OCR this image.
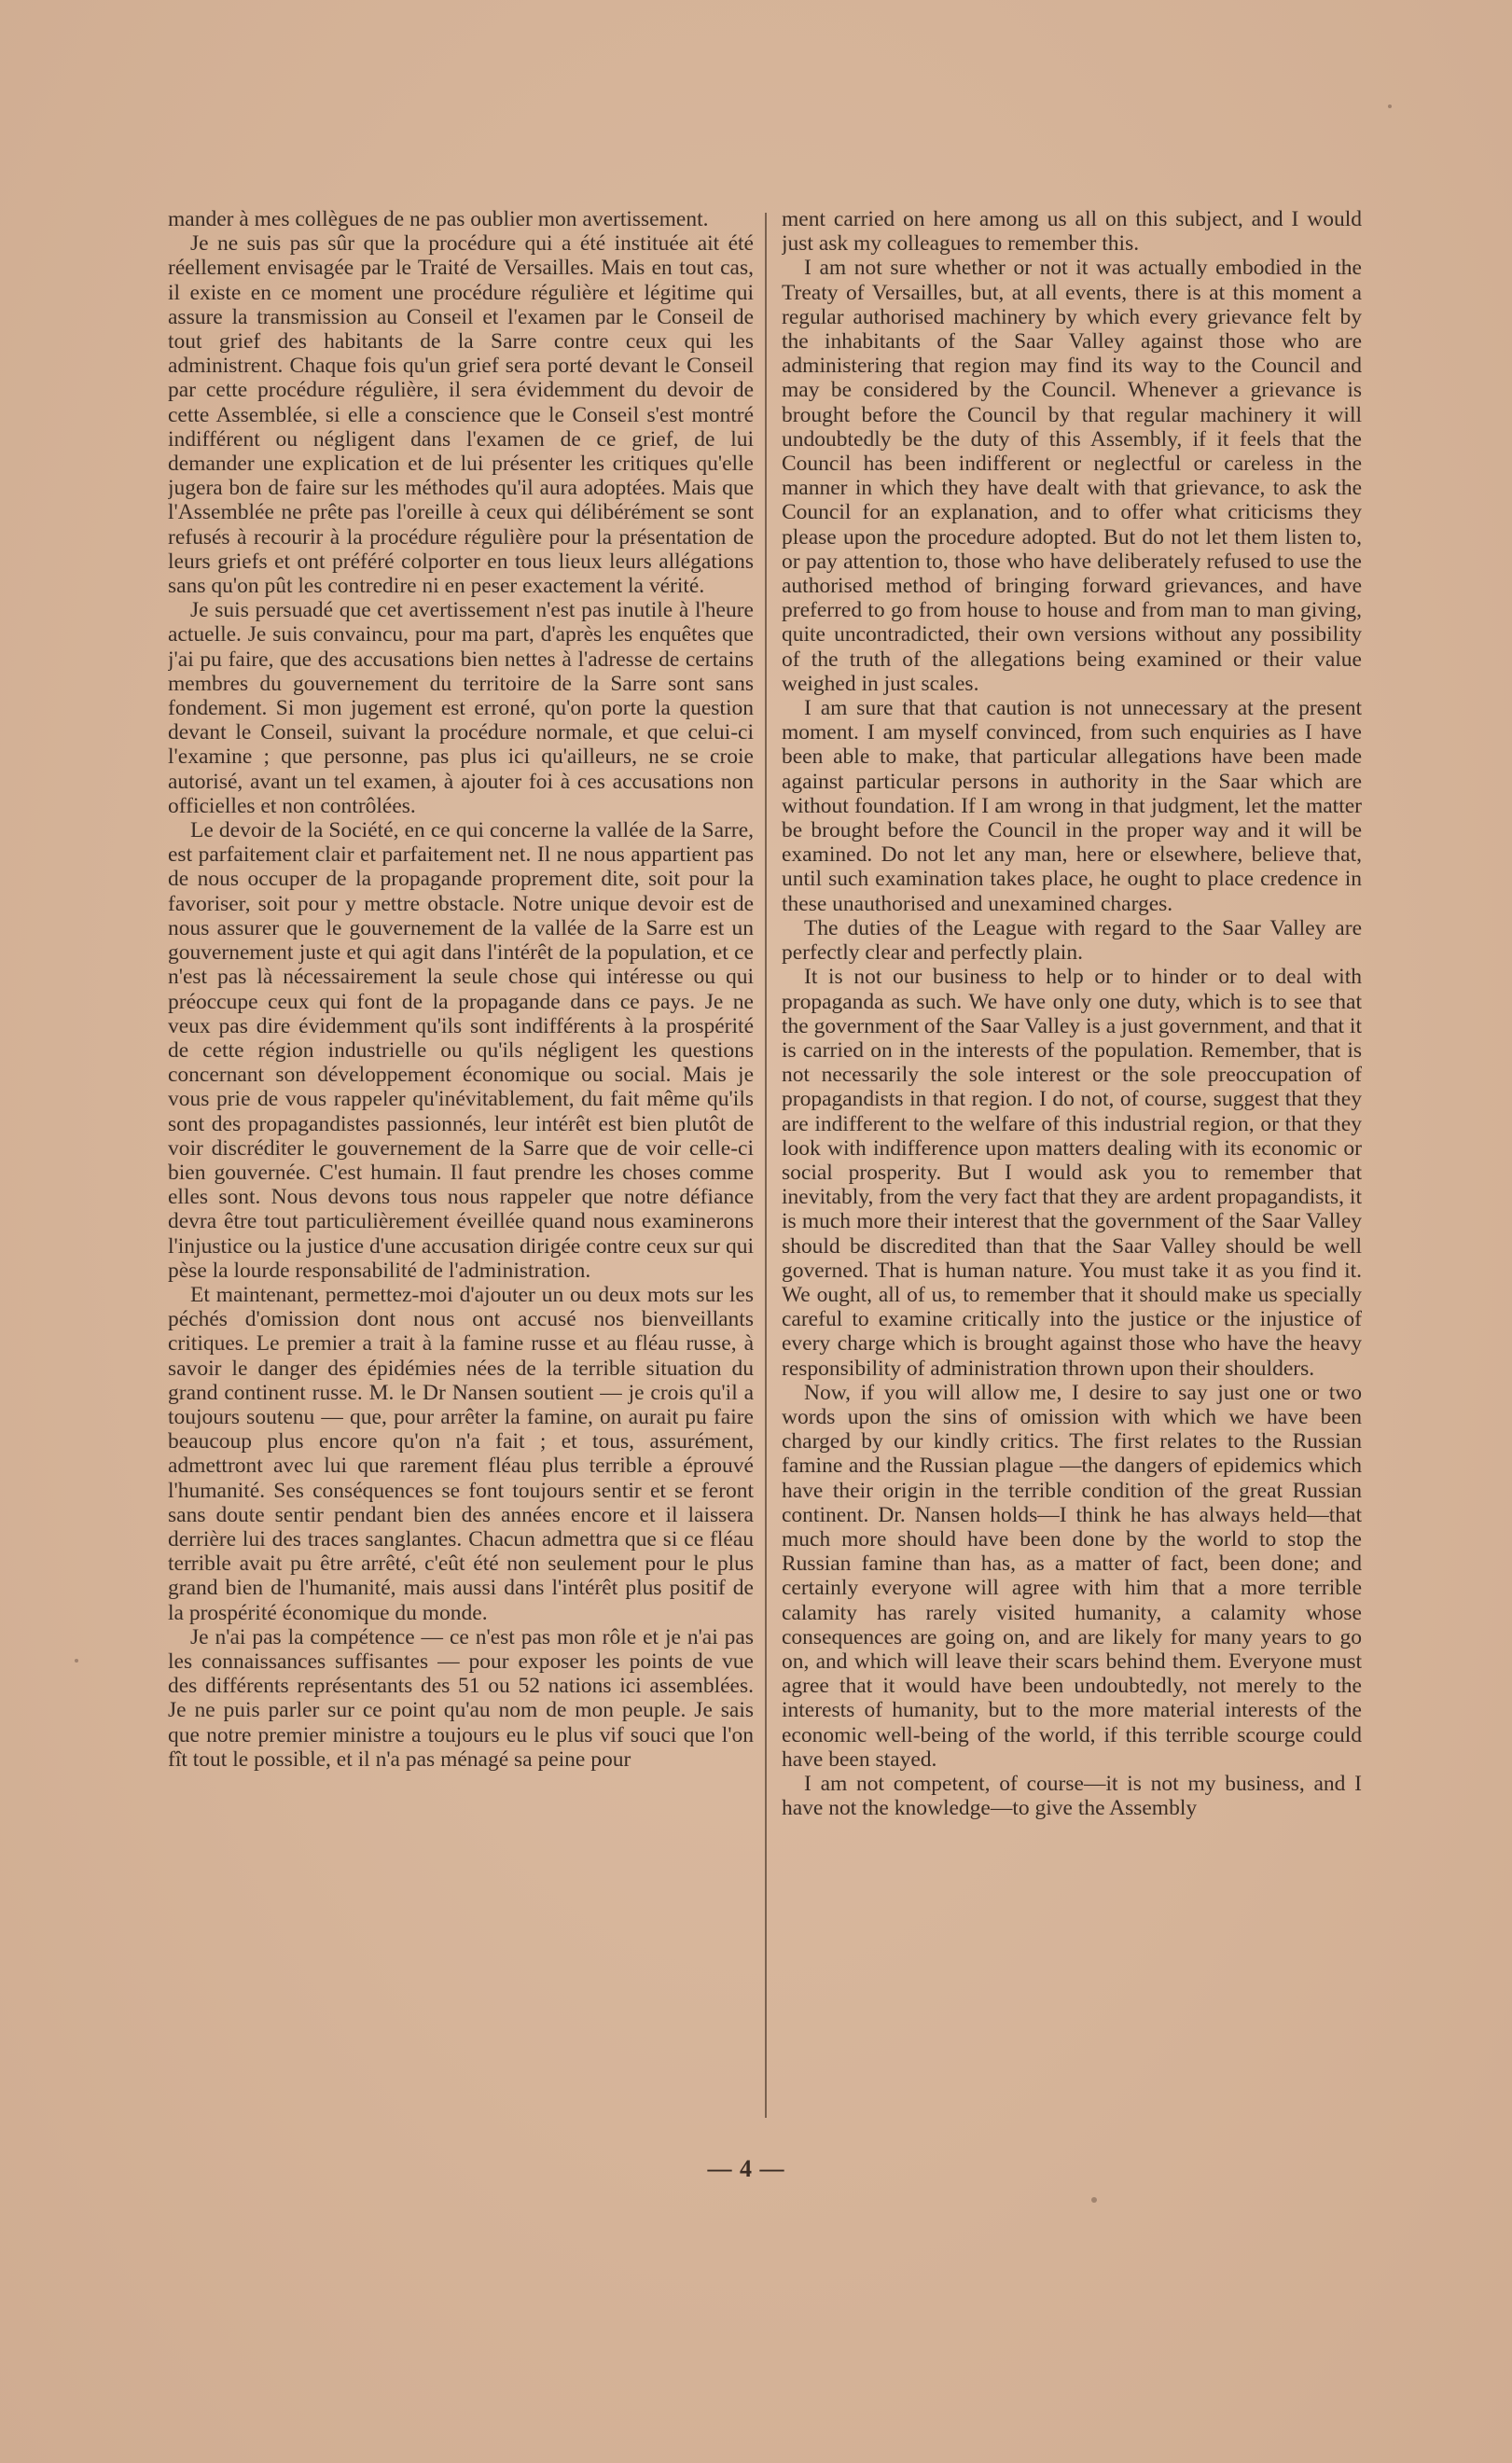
mander à mes collègues de ne pas oublier mon avertissement.

Je ne suis pas sûr que la procédure qui a été instituée ait été réellement envisagée par le Traité de Versailles. Mais en tout cas, il existe en ce moment une procédure régulière et légitime qui assure la transmission au Conseil et l'examen par le Conseil de tout grief des habitants de la Sarre contre ceux qui les administrent. Chaque fois qu'un grief sera porté devant le Conseil par cette procédure régulière, il sera évidemment du devoir de cette Assemblée, si elle a conscience que le Conseil s'est montré indifférent ou négligent dans l'examen de ce grief, de lui demander une explication et de lui présenter les critiques qu'elle jugera bon de faire sur les méthodes qu'il aura adoptées. Mais que l'Assemblée ne prête pas l'oreille à ceux qui délibérément se sont refusés à recourir à la procédure régulière pour la présentation de leurs griefs et ont préféré colporter en tous lieux leurs allégations sans qu'on pût les contredire ni en peser exactement la vérité.

Je suis persuadé que cet avertissement n'est pas inutile à l'heure actuelle. Je suis convaincu, pour ma part, d'après les enquêtes que j'ai pu faire, que des accusations bien nettes à l'adresse de certains membres du gouvernement du territoire de la Sarre sont sans fondement. Si mon jugement est erroné, qu'on porte la question devant le Conseil, suivant la procédure normale, et que celui-ci l'examine ; que personne, pas plus ici qu'ailleurs, ne se croie autorisé, avant un tel examen, à ajouter foi à ces accusations non officielles et non contrôlées.

Le devoir de la Société, en ce qui concerne la vallée de la Sarre, est parfaitement clair et parfaitement net. Il ne nous appartient pas de nous occuper de la propagande proprement dite, soit pour la favoriser, soit pour y mettre obstacle. Notre unique devoir est de nous assurer que le gouvernement de la vallée de la Sarre est un gouvernement juste et qui agit dans l'intérêt de la population, et ce n'est pas là nécessairement la seule chose qui intéresse ou qui préoccupe ceux qui font de la propagande dans ce pays. Je ne veux pas dire évidemment qu'ils sont indifférents à la prospérité de cette région industrielle ou qu'ils négligent les questions concernant son développement économique ou social. Mais je vous prie de vous rappeler qu'inévitablement, du fait même qu'ils sont des propagandistes passionnés, leur intérêt est bien plutôt de voir discréditer le gouvernement de la Sarre que de voir celle-ci bien gouvernée. C'est humain. Il faut prendre les choses comme elles sont. Nous devons tous nous rappeler que notre défiance devra être tout particulièrement éveillée quand nous examinerons l'injustice ou la justice d'une accusation dirigée contre ceux sur qui pèse la lourde responsabilité de l'administration.

Et maintenant, permettez-moi d'ajouter un ou deux mots sur les péchés d'omission dont nous ont accusé nos bienveillants critiques. Le premier a trait à la famine russe et au fléau russe, à savoir le danger des épidémies nées de la terrible situation du grand continent russe. M. le Dr Nansen soutient — je crois qu'il a toujours soutenu — que, pour arrêter la famine, on aurait pu faire beaucoup plus encore qu'on n'a fait ; et tous, assurément, admettront avec lui que rarement fléau plus terrible a éprouvé l'humanité. Ses conséquences se font toujours sentir et se feront sans doute sentir pendant bien des années encore et il laissera derrière lui des traces sanglantes. Chacun admettra que si ce fléau terrible avait pu être arrêté, c'eût été non seulement pour le plus grand bien de l'humanité, mais aussi dans l'intérêt plus positif de la prospérité économique du monde.

Je n'ai pas la compétence — ce n'est pas mon rôle et je n'ai pas les connaissances suffisantes — pour exposer les points de vue des différents représentants des 51 ou 52 nations ici assemblées. Je ne puis parler sur ce point qu'au nom de mon peuple. Je sais que notre premier ministre a toujours eu le plus vif souci que l'on fît tout le possible, et il n'a pas ménagé sa peine pour

ment carried on here among us all on this subject, and I would just ask my colleagues to remember this.

I am not sure whether or not it was actually embodied in the Treaty of Versailles, but, at all events, there is at this moment a regular authorised machinery by which every grievance felt by the inhabitants of the Saar Valley against those who are administering that region may find its way to the Council and may be considered by the Council. Whenever a grievance is brought before the Council by that regular machinery it will undoubtedly be the duty of this Assembly, if it feels that the Council has been indifferent or neglectful or careless in the manner in which they have dealt with that grievance, to ask the Council for an explanation, and to offer what criticisms they please upon the procedure adopted. But do not let them listen to, or pay attention to, those who have deliberately refused to use the authorised method of bringing forward grievances, and have preferred to go from house to house and from man to man giving, quite uncontradicted, their own versions without any possibility of the truth of the allegations being examined or their value weighed in just scales.

I am sure that that caution is not unnecessary at the present moment. I am myself convinced, from such enquiries as I have been able to make, that particular allegations have been made against particular persons in authority in the Saar which are without foundation. If I am wrong in that judgment, let the matter be brought before the Council in the proper way and it will be examined. Do not let any man, here or elsewhere, believe that, until such examination takes place, he ought to place credence in these unauthorised and unexamined charges.

The duties of the League with regard to the Saar Valley are perfectly clear and perfectly plain.

It is not our business to help or to hinder or to deal with propaganda as such. We have only one duty, which is to see that the government of the Saar Valley is a just government, and that it is carried on in the interests of the population. Remember, that is not necessarily the sole interest or the sole preoccupation of propagandists in that region. I do not, of course, suggest that they are indifferent to the welfare of this industrial region, or that they look with indifference upon matters dealing with its economic or social prosperity. But I would ask you to remember that inevitably, from the very fact that they are ardent propagandists, it is much more their interest that the government of the Saar Valley should be discredited than that the Saar Valley should be well governed. That is human nature. You must take it as you find it. We ought, all of us, to remember that it should make us specially careful to examine critically into the justice or the injustice of every charge which is brought against those who have the heavy responsibility of administration thrown upon their shoulders.

Now, if you will allow me, I desire to say just one or two words upon the sins of omission with which we have been charged by our kindly critics. The first relates to the Russian famine and the Russian plague —the dangers of epidemics which have their origin in the terrible condition of the great Russian continent. Dr. Nansen holds—I think he has always held—that much more should have been done by the world to stop the Russian famine than has, as a matter of fact, been done; and certainly everyone will agree with him that a more terrible calamity has rarely visited humanity, a calamity whose consequences are going on, and are likely for many years to go on, and which will leave their scars behind them. Everyone must agree that it would have been undoubtedly, not merely to the interests of humanity, but to the more material interests of the economic well-being of the world, if this terrible scourge could have been stayed.

I am not competent, of course—it is not my business, and I have not the knowledge—to give the Assembly

— 4 —
